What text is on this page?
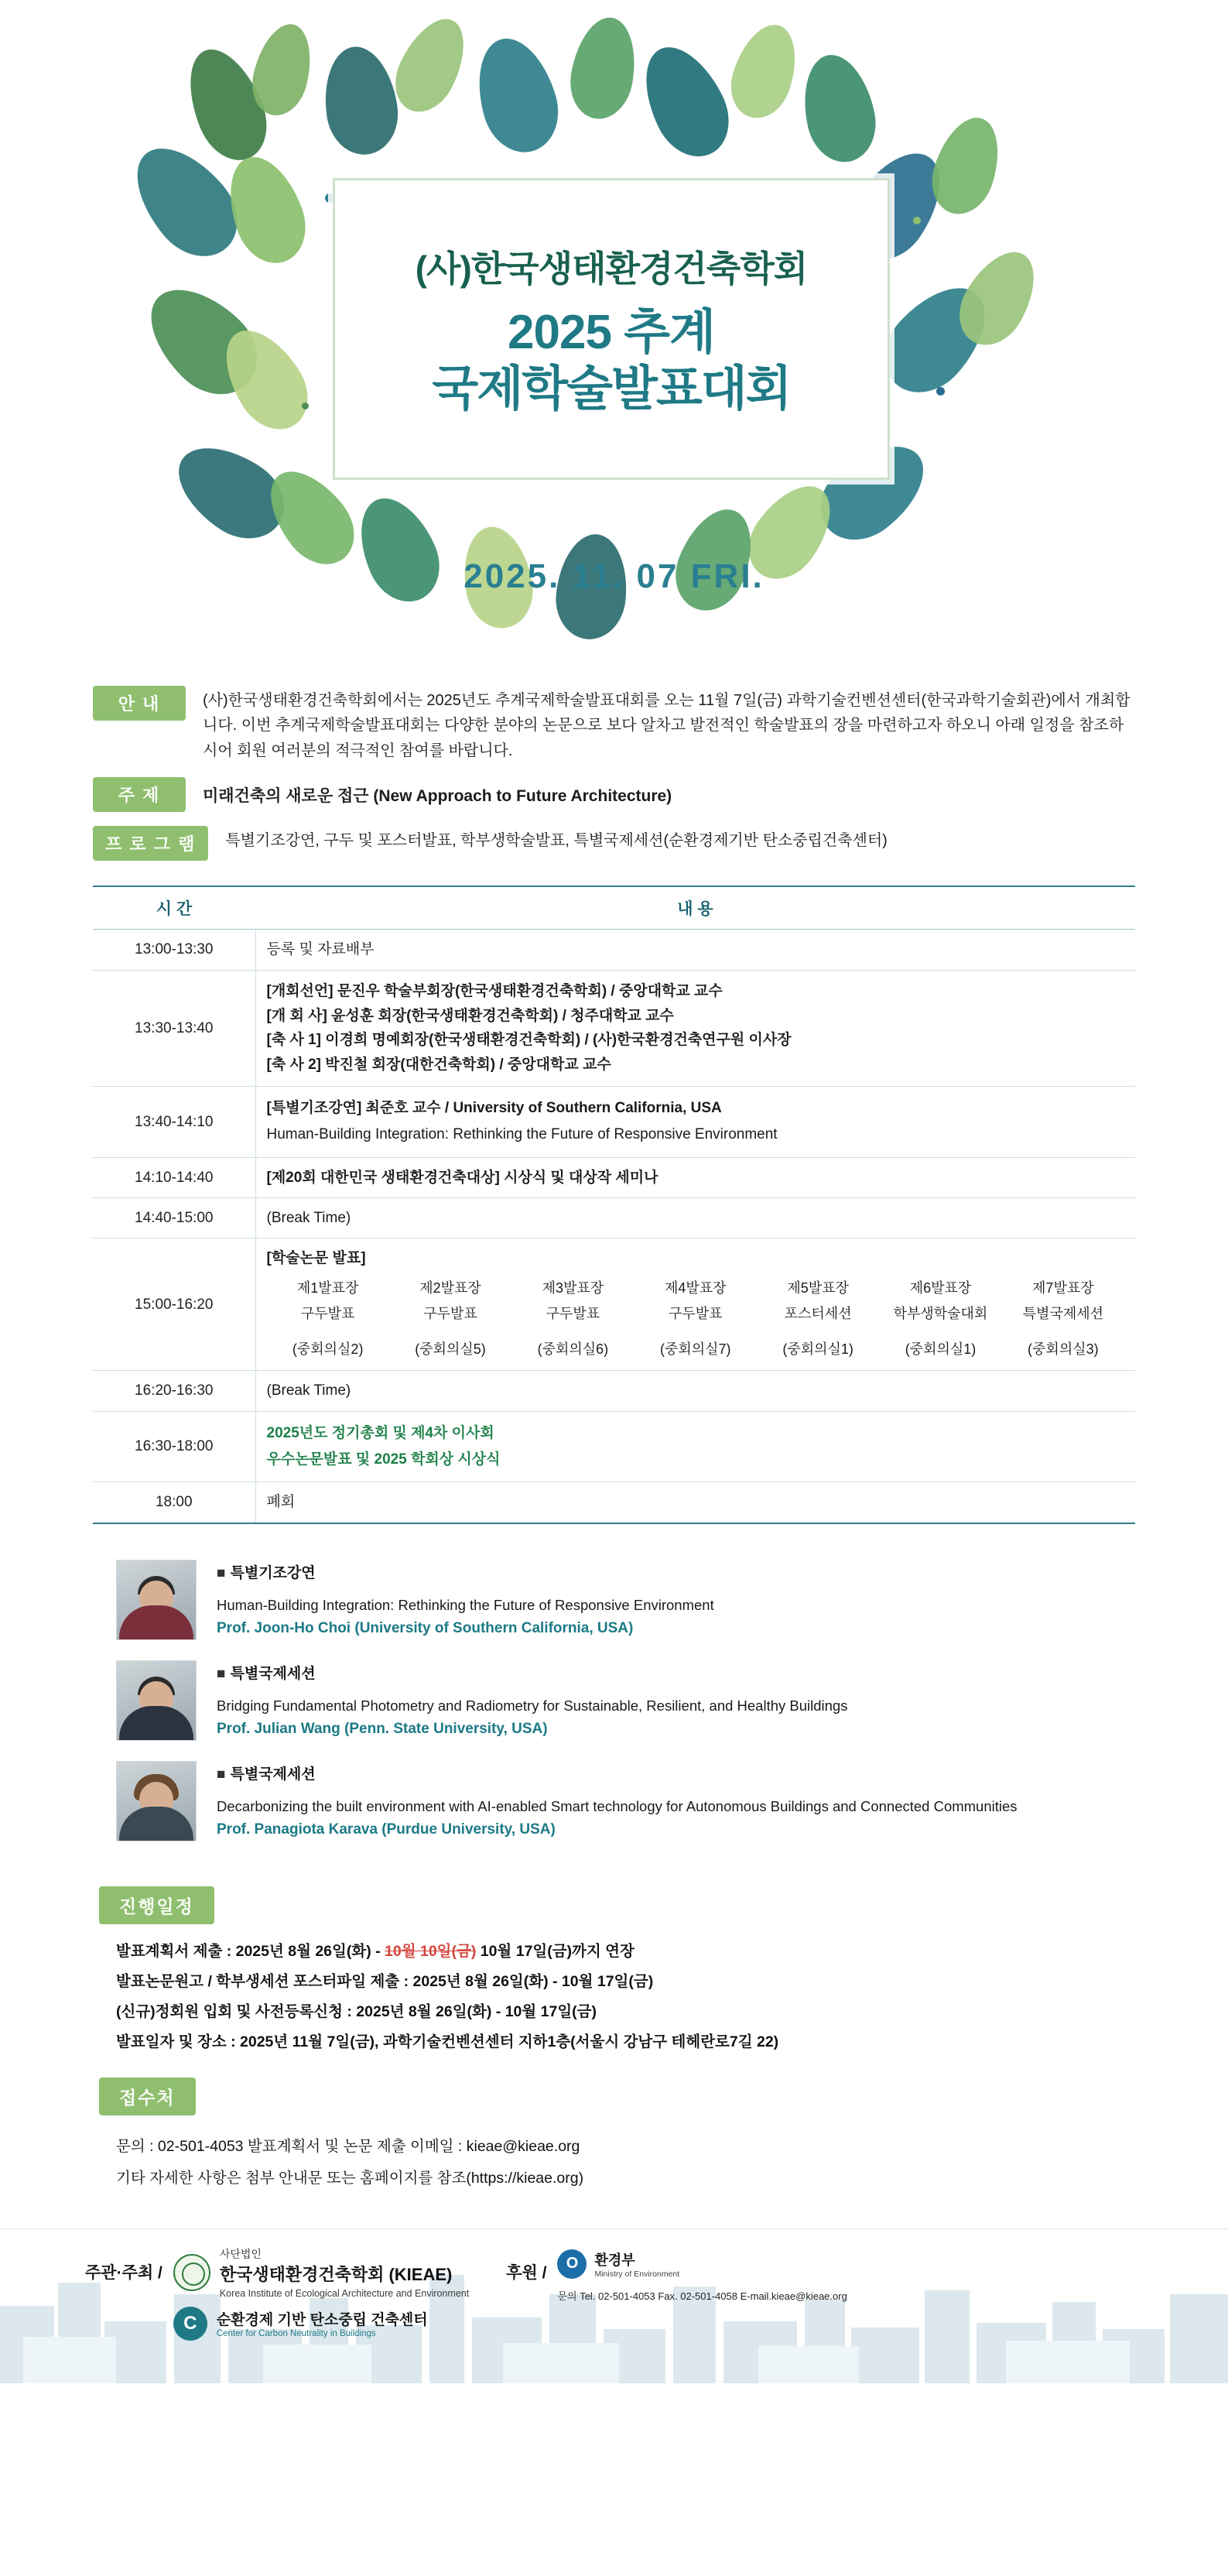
(사)한국생태환경건축학회
2025 추계
국제학술발표대회
2025. 11. 07 FRI.
안 내	(사)한국생태환경건축학회에서는 2025년도 추계국제학술발표대회를 오는 11월 7일(금) 과학기술컨벤션센터(한국과학기술회관)에서 개최합니다. 이번 추계국제학술발표대회는 다양한 분야의 논문으로 보다 알차고 발전적인 학술발표의 장을 마련하고자 하오니 아래 일정을 참조하시어 회원 여러분의 적극적인 참여를 바랍니다.
주 제	미래건축의 새로운 접근 (New Approach to Future Architecture)
프 로 그 램	특별기조강연, 구두 및 포스터발표, 학부생학술발표, 특별국제세션(순환경제기반 탄소중립건축센터)
시 간	내 용
13:00-13:30	등록 및 자료배부
13:30-13:40	[개회선언] 문진우 학술부회장(한국생태환경건축학회) / 중앙대학교 교수
[개 회 사] 윤성훈 회장(한국생태환경건축학회) / 청주대학교 교수
[축 사 1] 이경희 명예회장(한국생태환경건축학회) / (사)한국환경건축연구원 이사장
[축 사 2] 박진철 회장(대한건축학회) / 중앙대학교 교수

13:40-14:10	[특별기조강연] 최준호 교수 / University of Southern California, USA
Human-Building Integration: Rethinking the Future of Responsive Environment

14:10-14:40	[제20회 대한민국 생태환경건축대상] 시상식 및 대상작 세미나
14:40-15:00	(Break Time)
15:00-16:20	
[학술논문 발표]
제1발표장
구두발표
(중회의실2)
제2발표장
구두발표
(중회의실5)
제3발표장
구두발표
(중회의실6)
제4발표장
구두발표
(중회의실7)
제5발표장
포스터세션
(중회의실1)
제6발표장
학부생학술대회
(중회의실1)
제7발표장
특별국제세션
(중회의실3)

16:20-16:30	(Break Time)
16:30-18:00	2025년도 정기총회 및 제4차 이사회
우수논문발표 및 2025 학회상 시상식

18:00	폐회
■ 특별기조강연
Human-Building Integration: Rethinking the Future of Responsive Environment
Prof. Joon-Ho Choi (University of Southern California, USA)
■ 특별국제세션
Bridging Fundamental Photometry and Radiometry for Sustainable, Resilient, and Healthy Buildings
Prof. Julian Wang (Penn. State University, USA)
■ 특별국제세션
Decarbonizing the built environment with AI-enabled Smart technology for Autonomous Buildings and Connected Communities
Prof. Panagiota Karava (Purdue University, USA)
진행일정
발표계획서 제출 : 2025년 8월 26일(화) - 10월 10일(금) 10월 17일(금)까지 연장
발표논문원고 / 학부생세션 포스터파일 제출 : 2025년 8월 26일(화) - 10월 17일(금)
(신규)정회원 입회 및 사전등록신청 : 2025년 8월 26일(화) - 10월 17일(금)
발표일자 및 장소 : 2025년 11월 7일(금), 과학기술컨벤션센터 지하1층(서울시 강남구 테헤란로7길 22)
접수처
문의 : 02-501-4053 발표계획서 및 논문 제출 이메일 : kieae@kieae.org
기타 자세한 사항은 첨부 안내문 또는 홈페이지를 참조(https://kieae.org)
주관·주최 /
사단법인
한국생태환경건축학회 (KIEAE)
Korea Institute of Ecological Architecture and Environment
C	순환경제 기반 탄소중립 건축센터
Center for Carbon Neutrality in Buildings
후원 /
O	환경부
Ministry of Environment
문의 Tel. 02-501-4053 Fax. 02-501-4058 E-mail.kieae@kieae.org
